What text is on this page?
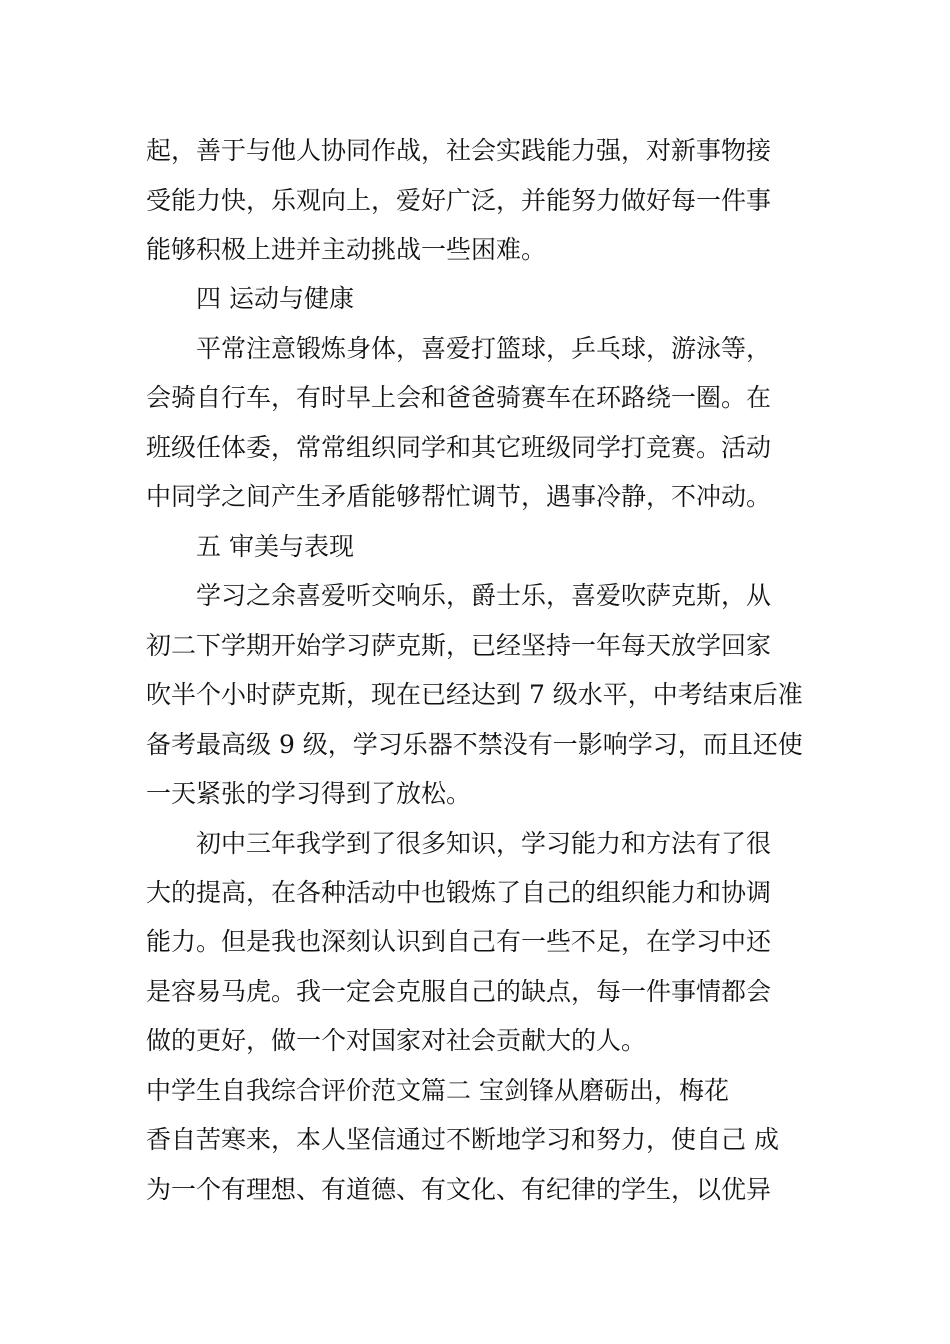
起，善于与他人协同作战，社会实践能力强，对新事物接
受能力快，乐观向上，爱好广泛，并能努力做好每一件事
能够积极上进并主动挑战一些困难。
四 运动与健康
平常注意锻炼身体，喜爱打篮球，乒乓球，游泳等，
会骑自行车，有时早上会和爸爸骑赛车在环路绕一圈。在
班级任体委，常常组织同学和其它班级同学打竞赛。活动
中同学之间产生矛盾能够帮忙调节，遇事冷静，不冲动。
五 审美与表现
学习之余喜爱听交响乐，爵士乐，喜爱吹萨克斯，从
初二下学期开始学习萨克斯，已经坚持一年每天放学回家
吹半个小时萨克斯，现在已经达到 7 级水平，中考结束后准
备考最高级 9 级，学习乐器不禁没有一影响学习，而且还使
一天紧张的学习得到了放松。
初中三年我学到了很多知识，学习能力和方法有了很
大的提高，在各种活动中也锻炼了自己的组织能力和协调
能力。但是我也深刻认识到自己有一些不足，在学习中还
是容易马虎。我一定会克服自己的缺点，每一件事情都会
做的更好，做一个对国家对社会贡献大的人。
中学生自我综合评价范文篇二 宝剑锋从磨砺出，梅花
香自苦寒来，本人坚信通过不断地学习和努力，使自己 成
为一个有理想、有道德、有文化、有纪律的学生，以优异
